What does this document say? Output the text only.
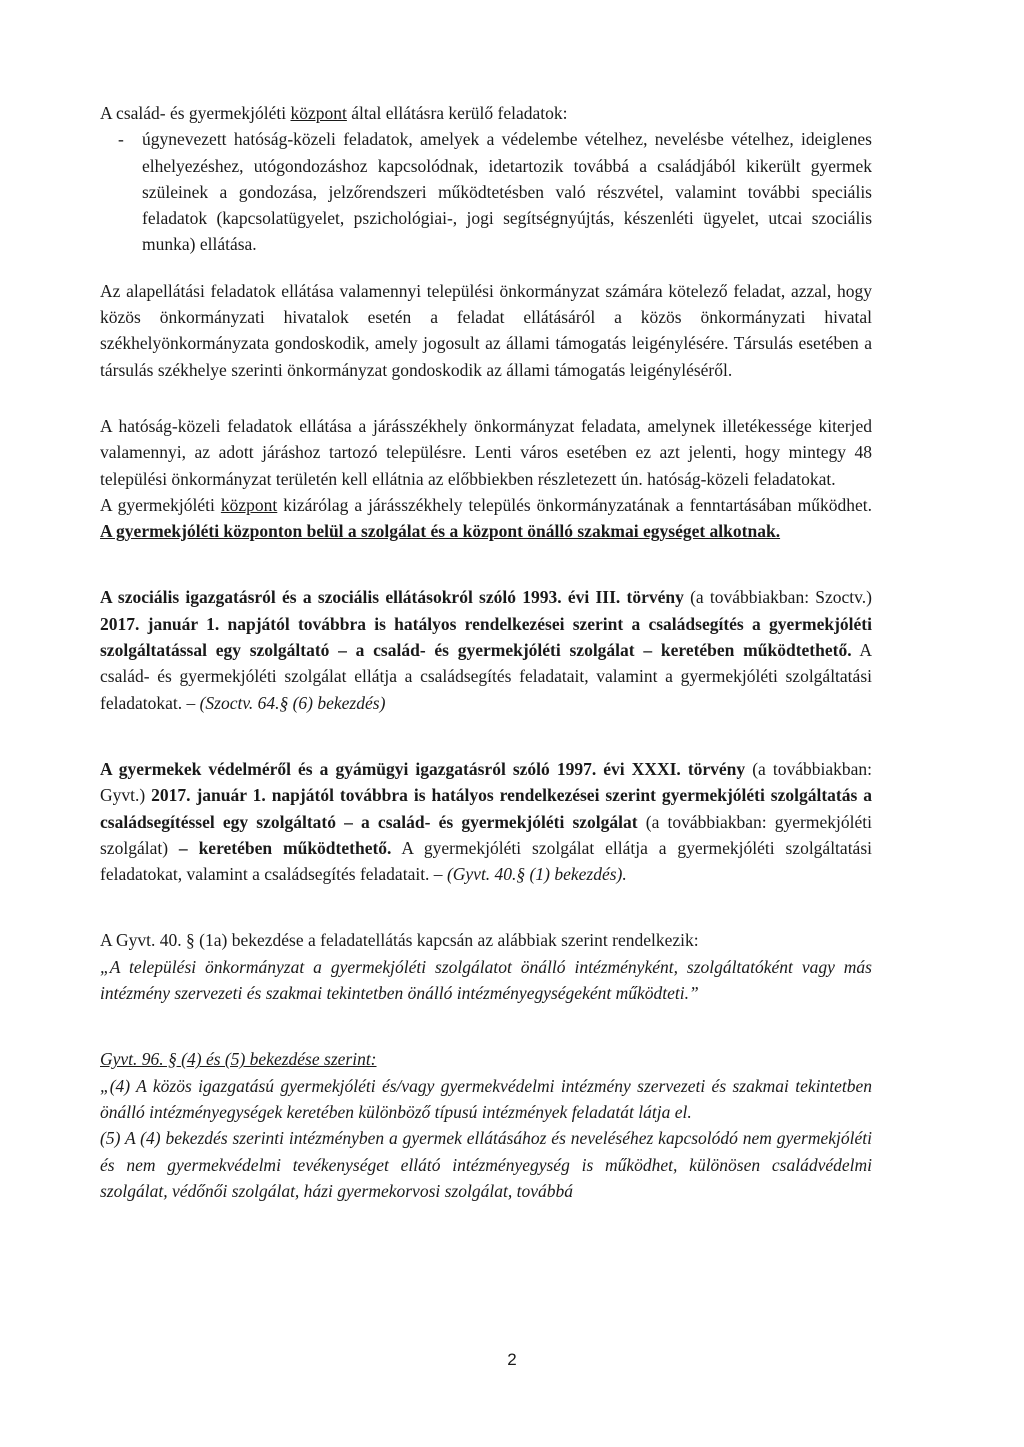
A család- és gyermekjóléti központ által ellátásra kerülő feladatok:

-	úgynevezett hatóság-közeli feladatok, amelyek a védelembe vételhez, nevelésbe vételhez, ideiglenes elhelyezéshez, utógondozáshoz kapcsolódnak, idetartozik továbbá a családjából kikerült gyermek szüleinek a gondozása, jelzőrendszeri működtetésben való részvétel, valamint további speciális feladatok (kapcsolatügyelet, pszichológiai-, jogi segítségnyújtás, készenléti ügyelet, utcai szociális munka) ellátása.

Az alapellátási feladatok ellátása valamennyi települési önkormányzat számára kötelező feladat, azzal, hogy közös önkormányzati hivatalok esetén a feladat ellátásáról a közös önkormányzati hivatal székhelyönkormányzata gondoskodik, amely jogosult az állami támogatás leigénylésére. Társulás esetében a társulás székhelye szerinti önkormányzat gondoskodik az állami támogatás leigényléséről.

A hatóság-közeli feladatok ellátása a járásszékhely önkormányzat feladata, amelynek illetékessége kiterjed valamennyi, az adott járáshoz tartozó településre. Lenti város esetében ez azt jelenti, hogy mintegy 48 települési önkormányzat területén kell ellátnia az előbbiekben részletezett ún. hatóság-közeli feladatokat.

A gyermekjóléti központ kizárólag a járásszékhely település önkormányzatának a fenntartásában működhet. A gyermekjóléti központon belül a szolgálat és a központ önálló szakmai egységet alkotnak.

A szociális igazgatásról és a szociális ellátásokról szóló 1993. évi III. törvény (a továbbiakban: Szoctv.) 2017. január 1. napjától továbbra is hatályos rendelkezései szerint a családsegítés a gyermekjóléti szolgáltatással egy szolgáltató – a család- és gyermekjóléti szolgálat – keretében működtethető. A család- és gyermekjóléti szolgálat ellátja a családsegítés feladatait, valamint a gyermekjóléti szolgáltatási feladatokat. – (Szoctv. 64.§ (6) bekezdés)

A gyermekek védelméről és a gyámügyi igazgatásról szóló 1997. évi XXXI. törvény (a továbbiakban: Gyvt.) 2017. január 1. napjától továbbra is hatályos rendelkezései szerint gyermekjóléti szolgáltatás a családsegítéssel egy szolgáltató – a család- és gyermekjóléti szolgálat (a továbbiakban: gyermekjóléti szolgálat) – keretében működtethető. A gyermekjóléti szolgálat ellátja a gyermekjóléti szolgáltatási feladatokat, valamint a családsegítés feladatait. – (Gyvt. 40.§ (1) bekezdés).

A Gyvt. 40. § (1a) bekezdése a feladatellátás kapcsán az alábbiak szerint rendelkezik:

„A települési önkormányzat a gyermekjóléti szolgálatot önálló intézményként, szolgáltatóként vagy más intézmény szervezeti és szakmai tekintetben önálló intézményegységeként működteti.”

Gyvt. 96. § (4) és (5) bekezdése szerint:

„(4) A közös igazgatású gyermekjóléti és/vagy gyermekvédelmi intézmény szervezeti és szakmai tekintetben önálló intézményegységek keretében különböző típusú intézmények feladatát látja el.

(5) A (4) bekezdés szerinti intézményben a gyermek ellátásához és neveléséhez kapcsolódó nem gyermekjóléti és nem gyermekvédelmi tevékenységet ellátó intézményegység is működhet, különösen családvédelmi szolgálat, védőnői szolgálat, házi gyermekorvosi szolgálat, továbbá

2
